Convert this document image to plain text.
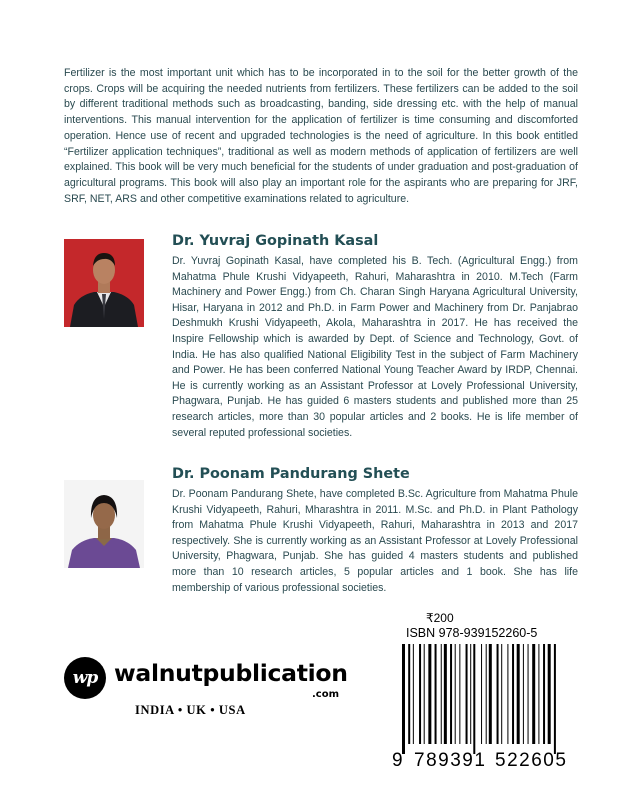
Fertilizer is the most important unit which has to be incorporated in to the soil for the better growth of the crops. Crops will be acquiring the needed nutrients from fertilizers. These fertilizers can be added to the soil by different traditional methods such as broadcasting, banding, side dressing etc. with the help of manual interventions. This manual intervention for the application of fertilizer is time consuming and discomforted operation. Hence use of recent and upgraded technologies is the need of agriculture. In this book entitled “Fertilizer application techniques”, traditional as well as modern methods of application of fertilizers are well explained. This book will be very much beneficial for the students of under graduation and post-graduation of agricultural programs. This book will also play an important role for the aspirants who are preparing for JRF, SRF, NET, ARS and other competitive examinations related to agriculture.
Dr. Yuvraj Gopinath Kasal
Dr. Yuvraj Gopinath Kasal, have completed his B. Tech. (Agricultural Engg.) from Mahatma Phule Krushi Vidyapeeth, Rahuri, Maharashtra in 2010. M.Tech (Farm Machinery and Power Engg.) from Ch. Charan Singh Haryana Agricultural University, Hisar, Haryana in 2012 and Ph.D. in Farm Power and Machinery from Dr. Panjabrao Deshmukh Krushi Vidyapeeth, Akola, Maharashtra in 2017. He has received the Inspire Fellowship which is awarded by Dept. of Science and Technology, Govt. of India. He has also qualified National Eligibility Test in the subject of Farm Machinery and Power. He has been conferred National Young Teacher Award by IRDP, Chennai. He is currently working as an Assistant Professor at Lovely Professional University, Phagwara, Punjab. He has guided 6 masters students and published more than 25 research articles, more than 30 popular articles and 2 books. He is life member of several reputed professional societies.
Dr. Poonam Pandurang Shete
Dr. Poonam Pandurang Shete, have completed B.Sc. Agriculture from Mahatma Phule Krushi Vidyapeeth, Rahuri, Mharashtra in 2011. M.Sc. and Ph.D. in Plant Pathology from Mahatma Phule Krushi Vidyapeeth, Rahuri, Maharashtra in 2013 and 2017 respectively. She is currently working as an Assistant Professor at Lovely Professional University, Phagwara, Punjab. She has guided 4 masters students and published more than 10 research articles, 5 popular articles and 1 book. She has life membership of various professional societies.
wp walnutpublication
.com
INDIA • UK • USA
₹200
ISBN 978-939152260-5
9 789391 522605
